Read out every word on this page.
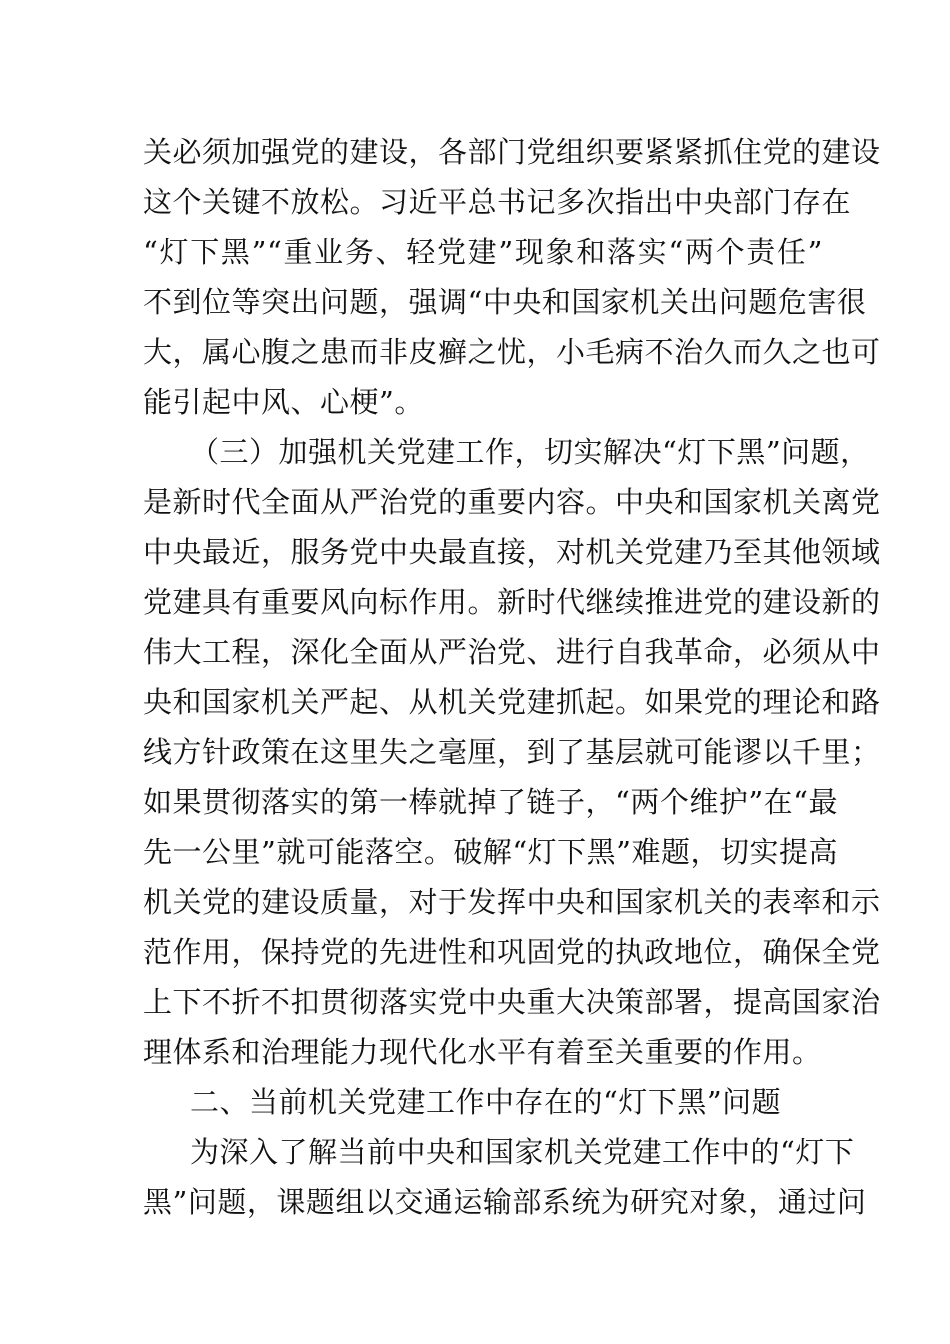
关必须加强党的建设，各部门党组织要紧紧抓住党的建设
这个关键不放松。习近平总书记多次指出中央部门存在
“灯下黑”“重业务、轻党建”现象和落实“两个责任”
不到位等突出问题，强调“中央和国家机关出问题危害很
大，属心腹之患而非皮癣之忧，小毛病不治久而久之也可
能引起中风、心梗”。
（三）加强机关党建工作，切实解决“灯下黑”问题，
是新时代全面从严治党的重要内容。中央和国家机关离党
中央最近，服务党中央最直接，对机关党建乃至其他领域
党建具有重要风向标作用。新时代继续推进党的建设新的
伟大工程，深化全面从严治党、进行自我革命，必须从中
央和国家机关严起、从机关党建抓起。如果党的理论和路
线方针政策在这里失之毫厘，到了基层就可能谬以千里；
如果贯彻落实的第一棒就掉了链子，“两个维护”在“最
先一公里”就可能落空。破解“灯下黑”难题，切实提高
机关党的建设质量，对于发挥中央和国家机关的表率和示
范作用，保持党的先进性和巩固党的执政地位，确保全党
上下不折不扣贯彻落实党中央重大决策部署，提高国家治
理体系和治理能力现代化水平有着至关重要的作用。
二、当前机关党建工作中存在的“灯下黑”问题
为深入了解当前中央和国家机关党建工作中的“灯下
黑”问题，课题组以交通运输部系统为研究对象，通过问
